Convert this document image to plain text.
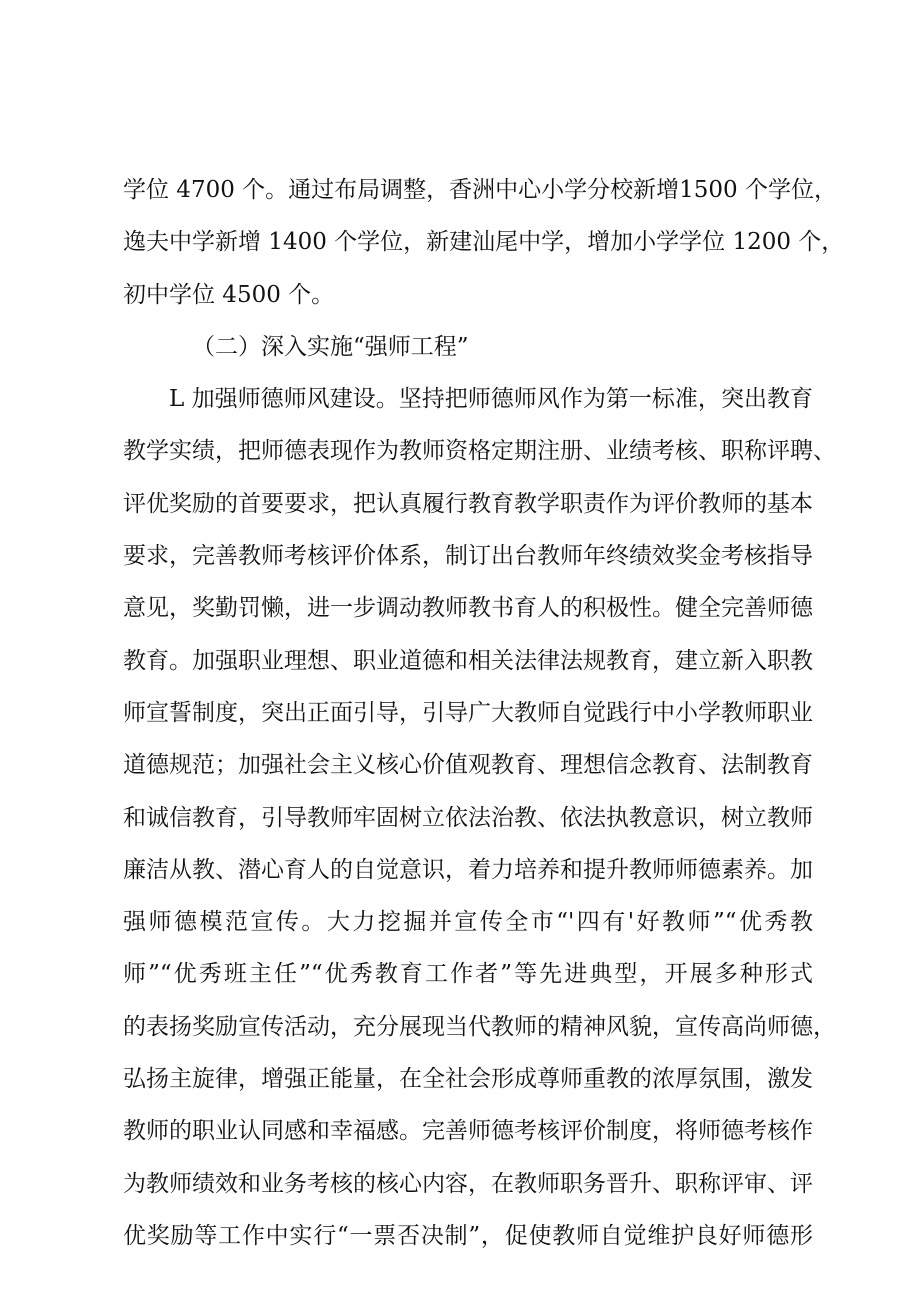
学位 4700 个。通过布局调整，香洲中心小学分校新增1500 个学位，
逸夫中学新增 1400 个学位，新建汕尾中学，增加小学学位 1200 个，
初中学位 4500 个。
（二）深入实施“强师工程”
L 加强师德师风建设。坚持把师德师风作为第一标准，突出教育
教学实绩，把师德表现作为教师资格定期注册、业绩考核、职称评聘、
评优奖励的首要要求，把认真履行教育教学职责作为评价教师的基本
要求，完善教师考核评价体系，制订出台教师年终绩效奖金考核指导
意见，奖勤罚懒，进一步调动教师教书育人的积极性。健全完善师德
教育。加强职业理想、职业道德和相关法律法规教育，建立新入职教
师宣誓制度，突出正面引导，引导广大教师自觉践行中小学教师职业
道德规范；加强社会主义核心价值观教育、理想信念教育、法制教育
和诚信教育，引导教师牢固树立依法治教、依法执教意识，树立教师
廉洁从教、潜心育人的自觉意识，着力培养和提升教师师德素养。加
强师德模范宣传。大力挖掘并宣传全市“'四有'好教师”“优秀教
师”“优秀班主任”“优秀教育工作者”等先进典型，开展多种形式
的表扬奖励宣传活动，充分展现当代教师的精神风貌，宣传高尚师德，
弘扬主旋律，增强正能量，在全社会形成尊师重教的浓厚氛围，激发
教师的职业认同感和幸福感。完善师德考核评价制度，将师德考核作
为教师绩效和业务考核的核心内容，在教师职务晋升、职称评审、评
优奖励等工作中实行“一票否决制”，促使教师自觉维护良好师德形
